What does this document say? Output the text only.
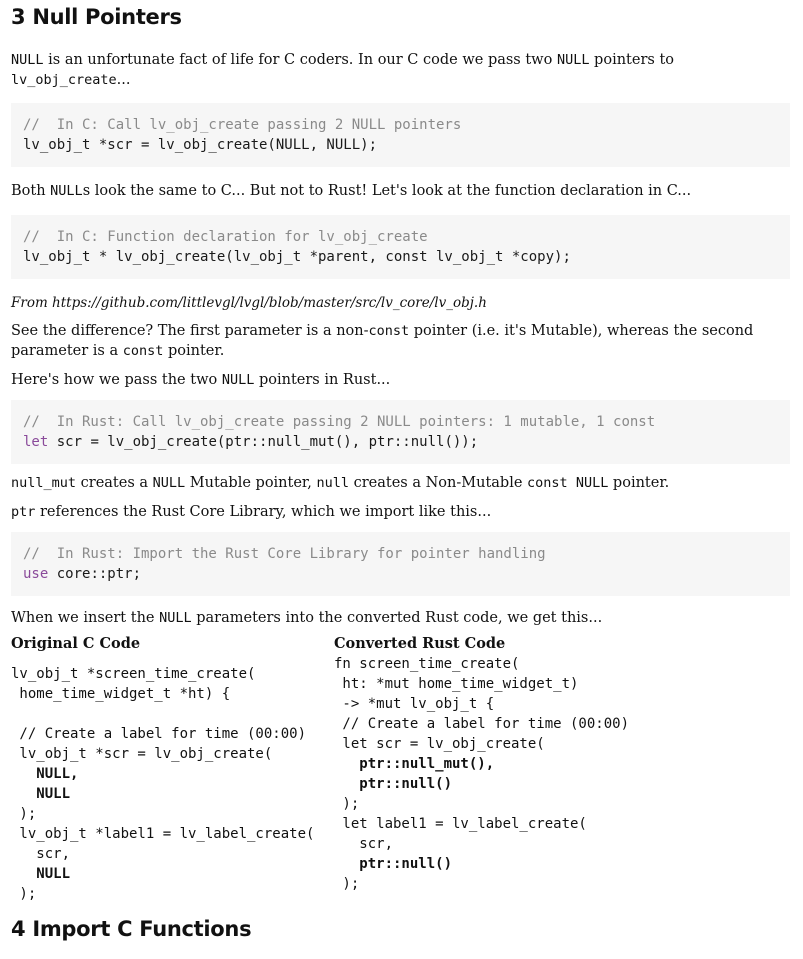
3 Null Pointers

NULL is an unfortunate fact of life for C coders. In our C code we pass two NULL pointers to lv_obj_create...

//  In C: Call lv_obj_create passing 2 NULL pointers
lv_obj_t *scr = lv_obj_create(NULL, NULL);

Both NULLs look the same to C... But not to Rust! Let's look at the function declaration in C...

//  In C: Function declaration for lv_obj_create
lv_obj_t * lv_obj_create(lv_obj_t *parent, const lv_obj_t *copy);

From https://github.com/littlevgl/lvgl/blob/master/src/lv_core/lv_obj.h

See the difference? The first parameter is a non-const pointer (i.e. it's Mutable), whereas the second parameter is a const pointer.

Here's how we pass the two NULL pointers in Rust...

//  In Rust: Call lv_obj_create passing 2 NULL pointers: 1 mutable, 1 const
let scr = lv_obj_create(ptr::null_mut(), ptr::null());

null_mut creates a NULL Mutable pointer, null creates a Non-Mutable const NULL pointer.

ptr references the Rust Core Library, which we import like this...

//  In Rust: Import the Rust Core Library for pointer handling
use core::ptr;

When we insert the NULL parameters into the converted Rust code, we get this...

Original C Code
lv_obj_t *screen_time_create(
home_time_widget_t *ht) {

// Create a label for time (00:00)
lv_obj_t *scr = lv_obj_create(
NULL,
NULL
);
lv_obj_t *label1 = lv_label_create(
scr,
NULL
);
Converted Rust Code
fn screen_time_create(
ht: *mut home_time_widget_t)
-> *mut lv_obj_t {
// Create a label for time (00:00)
let scr = lv_obj_create(
ptr::null_mut(),
ptr::null()
);
let label1 = lv_label_create(
scr,
ptr::null()
);
4 Import C Functions
